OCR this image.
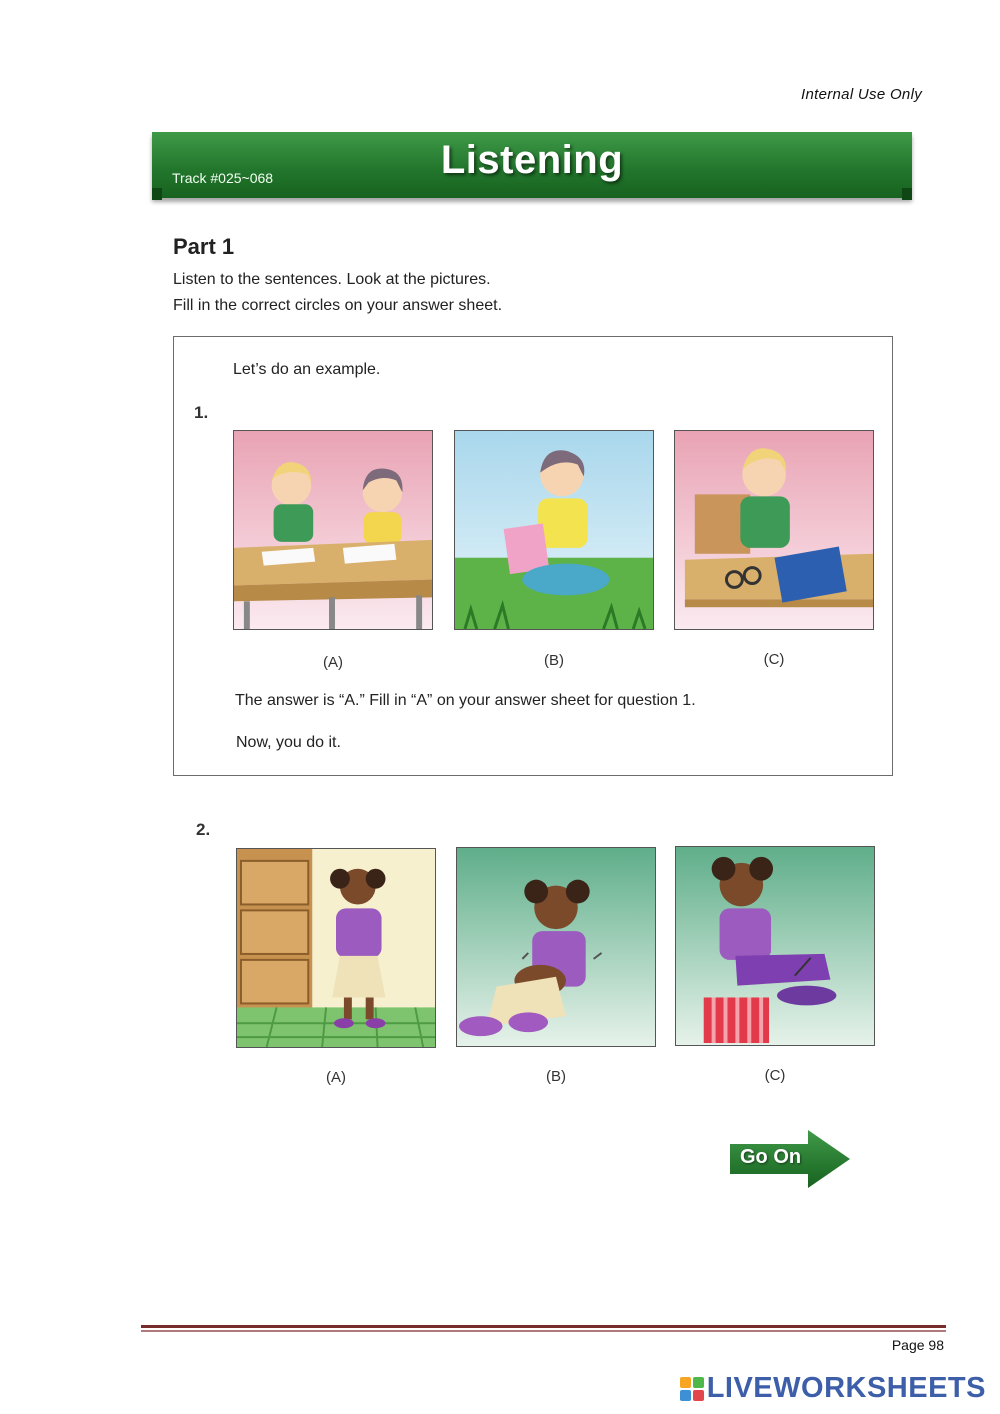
Internal Use Only
Track #025~068	Listening
Part 1
Listen to the sentences. Look at the pictures.
Fill in the correct circles on your answer sheet.
Let’s do an example.
1.
(A)	(B)	(C)
The answer is “A.” Fill in “A” on your answer sheet for question 1.
Now, you do it.
2.
(A)	(B)	(C)
Go On
Page 98
LIVEWORKSHEETS
